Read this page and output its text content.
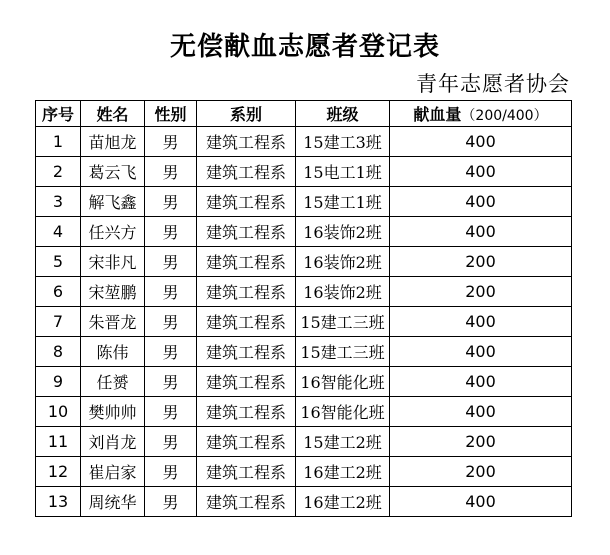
无偿献血志愿者登记表
青年志愿者协会
序号	姓名	性别	系别	班级	献血量（200/400）
1	苗旭龙	男	建筑工程系	15建工3班	400
2	葛云飞	男	建筑工程系	15电工1班	400
3	解飞鑫	男	建筑工程系	15建工1班	400
4	任兴方	男	建筑工程系	16装饰2班	400
5	宋非凡	男	建筑工程系	16装饰2班	200
6	宋堃鹏	男	建筑工程系	16装饰2班	200
7	朱晋龙	男	建筑工程系	15建工三班	400
8	陈伟	男	建筑工程系	15建工三班	400
9	任赟	男	建筑工程系	16智能化班	400
10	樊帅帅	男	建筑工程系	16智能化班	400
11	刘肖龙	男	建筑工程系	15建工2班	200
12	崔启家	男	建筑工程系	16建工2班	200
13	周统华	男	建筑工程系	16建工2班	400
